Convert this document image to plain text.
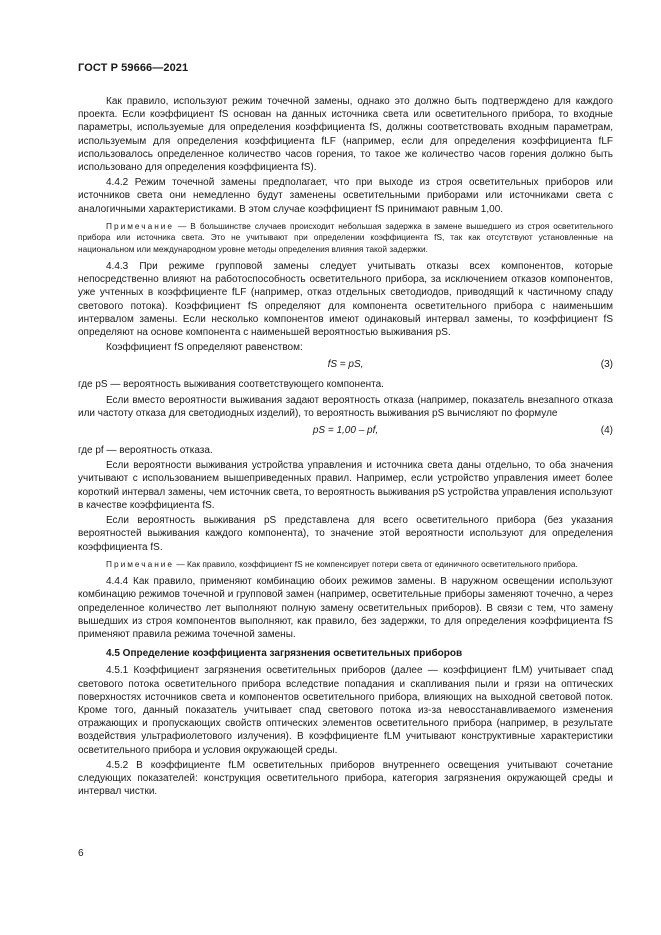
ГОСТ Р 59666—2021

Как правило, используют режим точечной замены, однако это должно быть подтверждено для каждого проекта. Если коэффициент fS основан на данных источника света или осветительного прибора, то входные параметры, используемые для определения коэффициента fS, должны соответствовать входным параметрам, используемым для определения коэффициента fLF (например, если для определения коэффициента fLF использовалось определенное количество часов горения, то такое же количество часов горения должно быть использовано для определения коэффициента fS).

4.4.2 Режим точечной замены предполагает, что при выходе из строя осветительных приборов или источников света они немедленно будут заменены осветительными приборами или источниками света с аналогичными характеристиками. В этом случае коэффициент fS принимают равным 1,00.

Примечание — В большинстве случаев происходит небольшая задержка в замене вышедшего из строя осветительного прибора или источника света. Это не учитывают при определении коэффициента fS, так как отсутствуют установленные на национальном или международном уровне методы определения влияния такой задержки.

4.4.3 При режиме групповой замены следует учитывать отказы всех компонентов, которые непосредственно влияют на работоспособность осветительного прибора, за исключением отказов компонентов, уже учтенных в коэффициенте fLF (например, отказ отдельных светодиодов, приводящий к частичному спаду светового потока). Коэффициент fS определяют для компонента осветительного прибора с наименьшим интервалом замены. Если несколько компонентов имеют одинаковый интервал замены, то коэффициент fS определяют на основе компонента с наименьшей вероятностью выживания pS.

Коэффициент fS определяют равенством:

fS = pS,	(3)

где pS — вероятность выживания соответствующего компонента.

Если вместо вероятности выживания задают вероятность отказа (например, показатель внезапного отказа или частоту отказа для светодиодных изделий), то вероятность выживания pS вычисляют по формуле

pS = 1,00 – pf,	(4)

где pf — вероятность отказа.

Если вероятности выживания устройства управления и источника света даны отдельно, то оба значения учитывают с использованием вышеприведенных правил. Например, если устройство управления имеет более короткий интервал замены, чем источник света, то вероятность выживания pS устройства управления используют в качестве коэффициента fS.

Если вероятность выживания pS представлена для всего осветительного прибора (без указания вероятностей выживания каждого компонента), то значение этой вероятности используют для определения коэффициента fS.

Примечание — Как правило, коэффициент fS не компенсирует потери света от единичного осветительного прибора.

4.4.4 Как правило, применяют комбинацию обоих режимов замены. В наружном освещении используют комбинацию режимов точечной и групповой замен (например, осветительные приборы заменяют точечно, а через определенное количество лет выполняют полную замену осветительных приборов). В связи с тем, что замену вышедших из строя компонентов выполняют, как правило, без задержки, то для определения коэффициента fS применяют правила режима точечной замены.

4.5 Определение коэффициента загрязнения осветительных приборов

4.5.1 Коэффициент загрязнения осветительных приборов (далее — коэффициент fLM) учитывает спад светового потока осветительного прибора вследствие попадания и скапливания пыли и грязи на оптических поверхностях источников света и компонентов осветительного прибора, влияющих на выходной световой поток. Кроме того, данный показатель учитывает спад светового потока из-за невосстанавливаемого изменения отражающих и пропускающих свойств оптических элементов осветительного прибора (например, в результате воздействия ультрафиолетового излучения). В коэффициенте fLM учитывают конструктивные характеристики осветительного прибора и условия окружающей среды.

4.5.2 В коэффициенте fLM осветительных приборов внутреннего освещения учитывают сочетание следующих показателей: конструкция осветительного прибора, категория загрязнения окружающей среды и интервал чистки.

6
